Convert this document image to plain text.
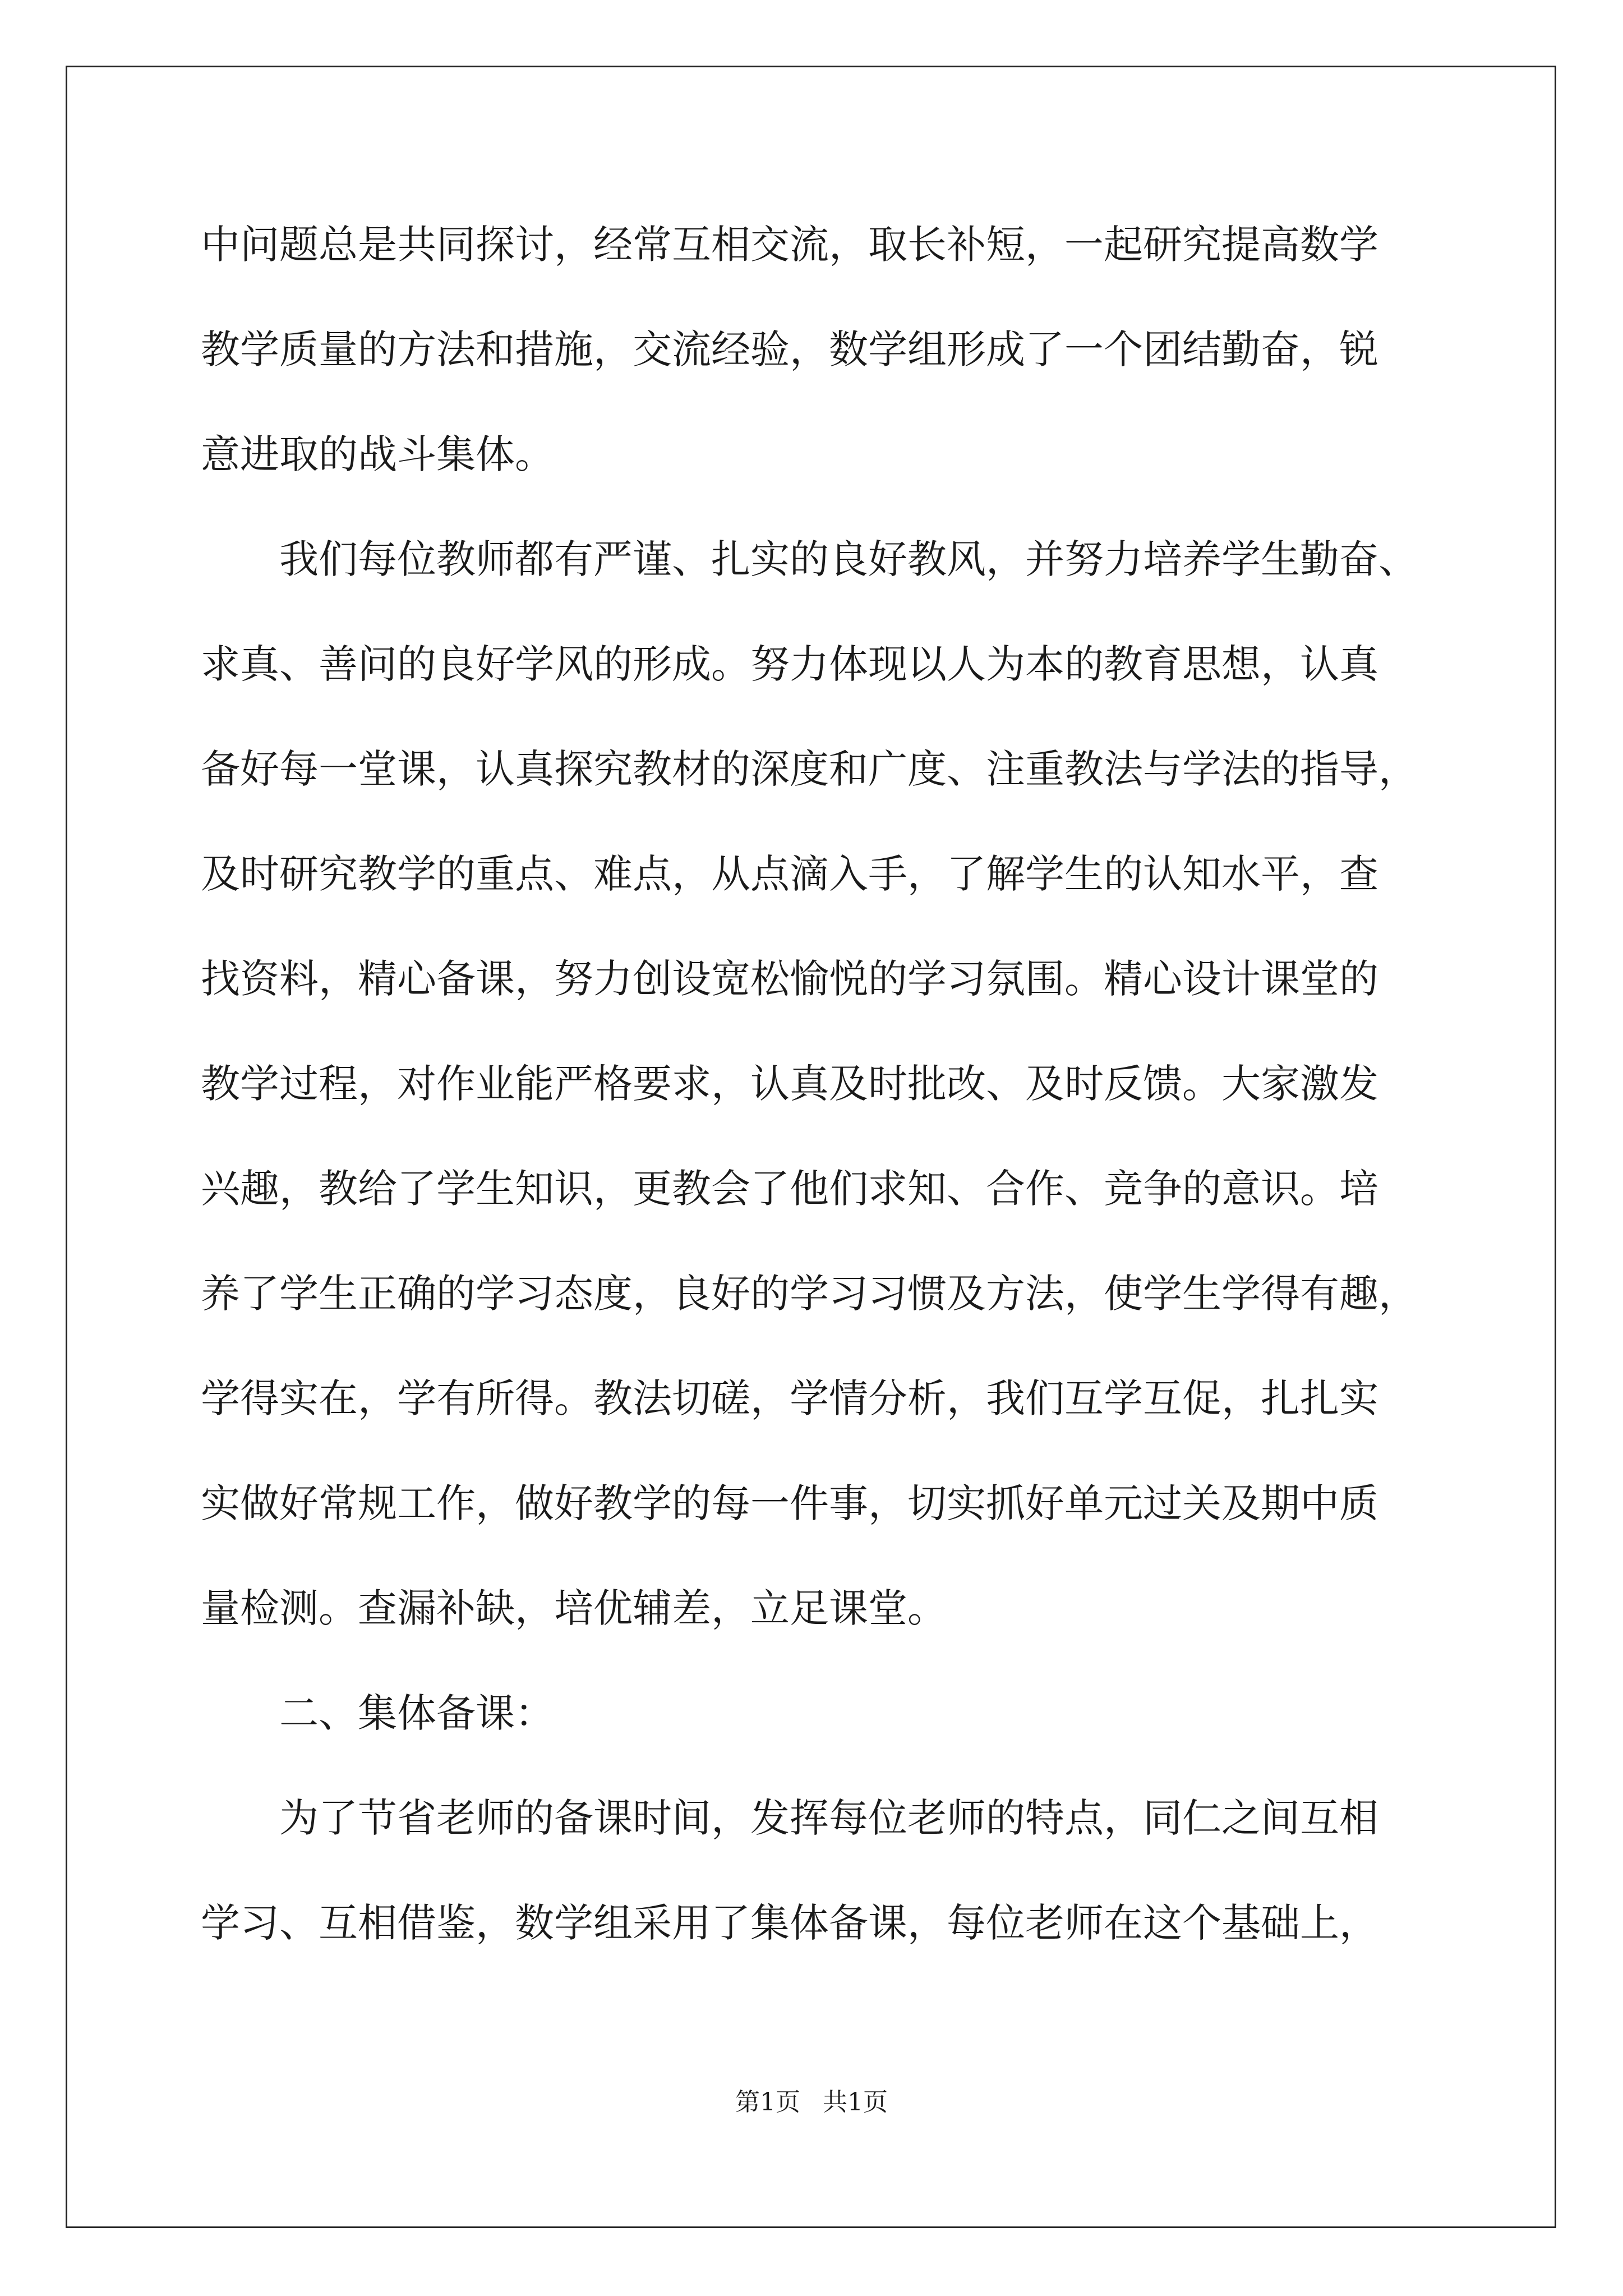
中问题总是共同探讨，经常互相交流，取长补短，一起研究提高数学
教学质量的方法和措施，交流经验，数学组形成了一个团结勤奋，锐
意进取的战斗集体。
我们每位教师都有严谨、扎实的良好教风，并努力培养学生勤奋、
求真、善问的良好学风的形成。努力体现以人为本的教育思想，认真
备好每一堂课，认真探究教材的深度和广度、注重教法与学法的指导，
及时研究教学的重点、难点，从点滴入手，了解学生的认知水平，查
找资料，精心备课，努力创设宽松愉悦的学习氛围。精心设计课堂的
教学过程，对作业能严格要求，认真及时批改、及时反馈。大家激发
兴趣，教给了学生知识，更教会了他们求知、合作、竞争的意识。培
养了学生正确的学习态度，良好的学习习惯及方法，使学生学得有趣，
学得实在，学有所得。教法切磋，学情分析，我们互学互促，扎扎实
实做好常规工作，做好教学的每一件事，切实抓好单元过关及期中质
量检测。查漏补缺，培优辅差，立足课堂。
二、集体备课：
为了节省老师的备课时间，发挥每位老师的特点，同仁之间互相
学习、互相借鉴，数学组采用了集体备课，每位老师在这个基础上，
第1页 共1页
